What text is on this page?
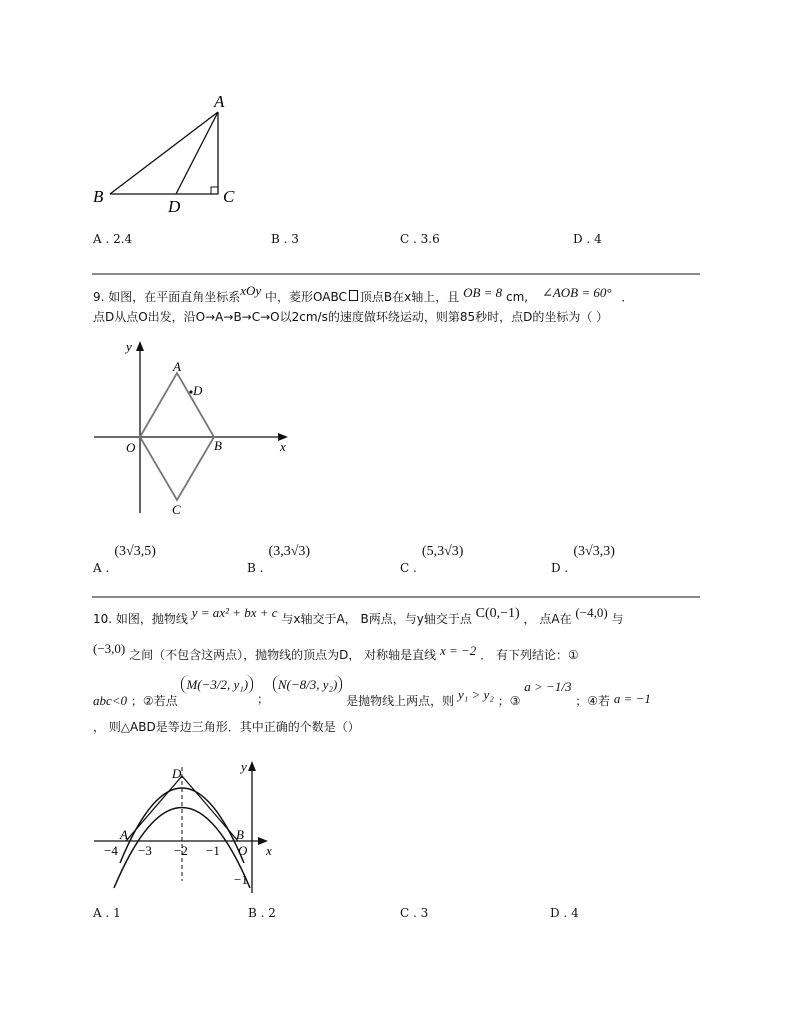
A
B	C
D
A . 2.4	B . 3	C . 3.6	D . 4
9. 如图，在平面直角坐标系xOy 中，菱形OABC 顶点B在x轴上，且 OB = 8 cm, ∠AOB = 60° ．
点D从点O出发，沿O→A→B→C→O以2cm/s的速度做环绕运动，则第85秒时，点D的坐标为（ ）
y
x
O
A
D
B
C
$_{A .}$ (3√3,5)
$_{B .}$ (3,3√3)
$_{C .}$ (5,3√3)
$_{D .}$ (3√3,3)
10. 如图，抛物线 y = ax² + bx + c 与x轴交于A， B两点，与y轴交于点 C(0,−1) ， 点A在 (−4,0) 与
(−3,0) 之间（不包含这两点），抛物线的顶点为D， 对称轴是直线 x = −2 ． 有下列结论：①
abc<0 ；②若点 M(−3/2, y₁) ； N(−8/3, y₂) 是抛物线上两点，则 y₁ > y₂ ；③ a > −1/3 ；④若 a = −1
， 则△ABD是等边三角形．其中正确的个数是（）
y
x
D
A	B
O
−4 −3 −2 −1
−1
A . 1	B . 2	C . 3	D . 4
